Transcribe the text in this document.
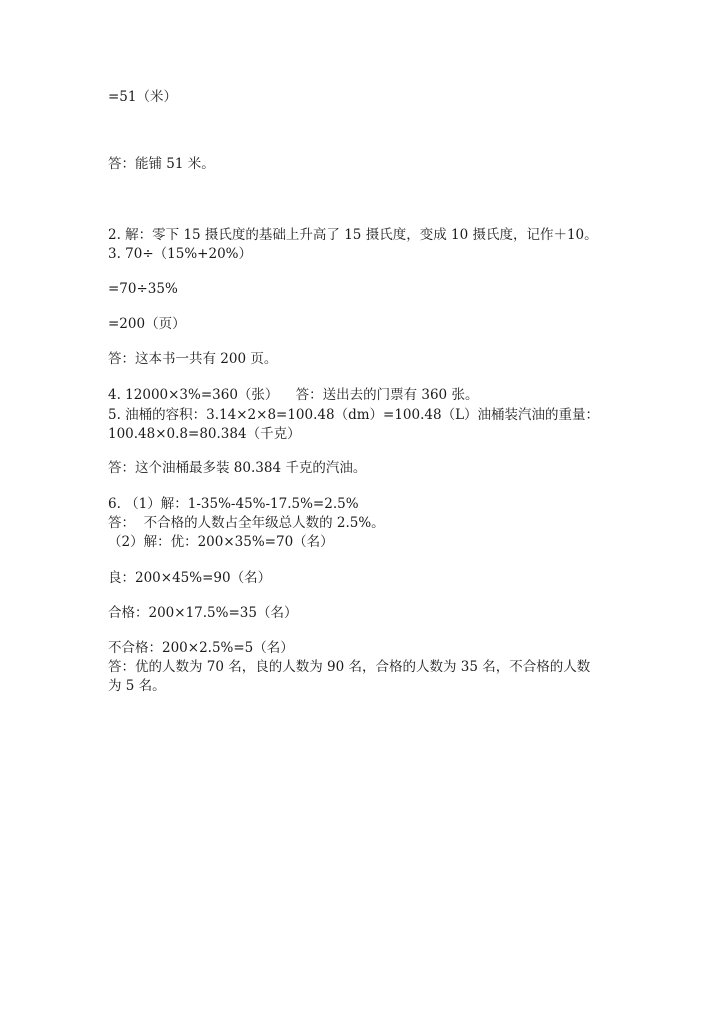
=51（米）
答：能铺 51 米。
2. 解：零下 15 摄氏度的基础上升高了 15 摄氏度，变成 10 摄氏度，记作＋10。
3. 70÷（15%+20%）
=70÷35%
=200（页）
答：这本书一共有 200 页。
4. 12000×3%=360（张）    答：送出去的门票有 360 张。
5. 油桶的容积：3.14×2×8=100.48（dm）=100.48（L）油桶装汽油的重量：
100.48×0.8=80.384（千克）
答：这个油桶最多装 80.384 千克的汽油。
6. （1）解：1-35%-45%-17.5%=2.5%
答：  不合格的人数占全年级总人数的 2.5%。
（2）解：优：200×35%=70（名）
良：200×45%=90（名）
合格：200×17.5%=35（名）
不合格：200×2.5%=5（名）
答：优的人数为 70 名，良的人数为 90 名，合格的人数为 35 名，不合格的人数
为 5 名。
